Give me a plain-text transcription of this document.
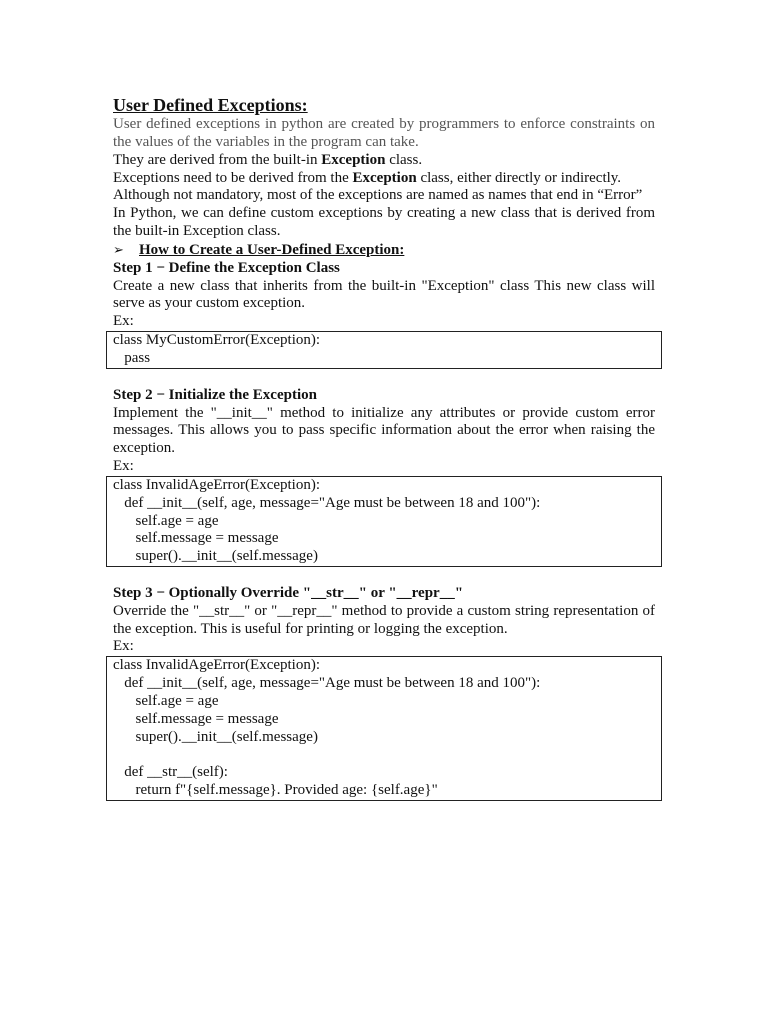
User Defined Exceptions:

User defined exceptions in python are created by programmers to enforce constraints on the values of the variables in the program can take.

They are derived from the built-in Exception class.

Exceptions need to be derived from the Exception class, either directly or indirectly.

Although not mandatory, most of the exceptions are named as names that end in “Error”

In Python, we can define custom exceptions by creating a new class that is derived from the built-in Exception class.

➢	How to Create a User-Defined Exception:
Step 1 − Define the Exception Class

Create a new class that inherits from the built-in "Exception" class This new class will serve as your custom exception.

Ex:
class MyCustomError(Exception):
pass
Step 2 − Initialize the Exception

Implement the "__init__" method to initialize any attributes or provide custom error messages. This allows you to pass specific information about the error when raising the exception.

Ex:
class InvalidAgeError(Exception):
def __init__(self, age, message="Age must be between 18 and 100"):
self.age = age
self.message = message
super().__init__(self.message)
Step 3 − Optionally Override "__str__" or "__repr__"

Override the "__str__" or "__repr__" method to provide a custom string representation of the exception. This is useful for printing or logging the exception.

Ex:
class InvalidAgeError(Exception):
def __init__(self, age, message="Age must be between 18 and 100"):
self.age = age
self.message = message
super().__init__(self.message)

def __str__(self):
return f"{self.message}. Provided age: {self.age}"
